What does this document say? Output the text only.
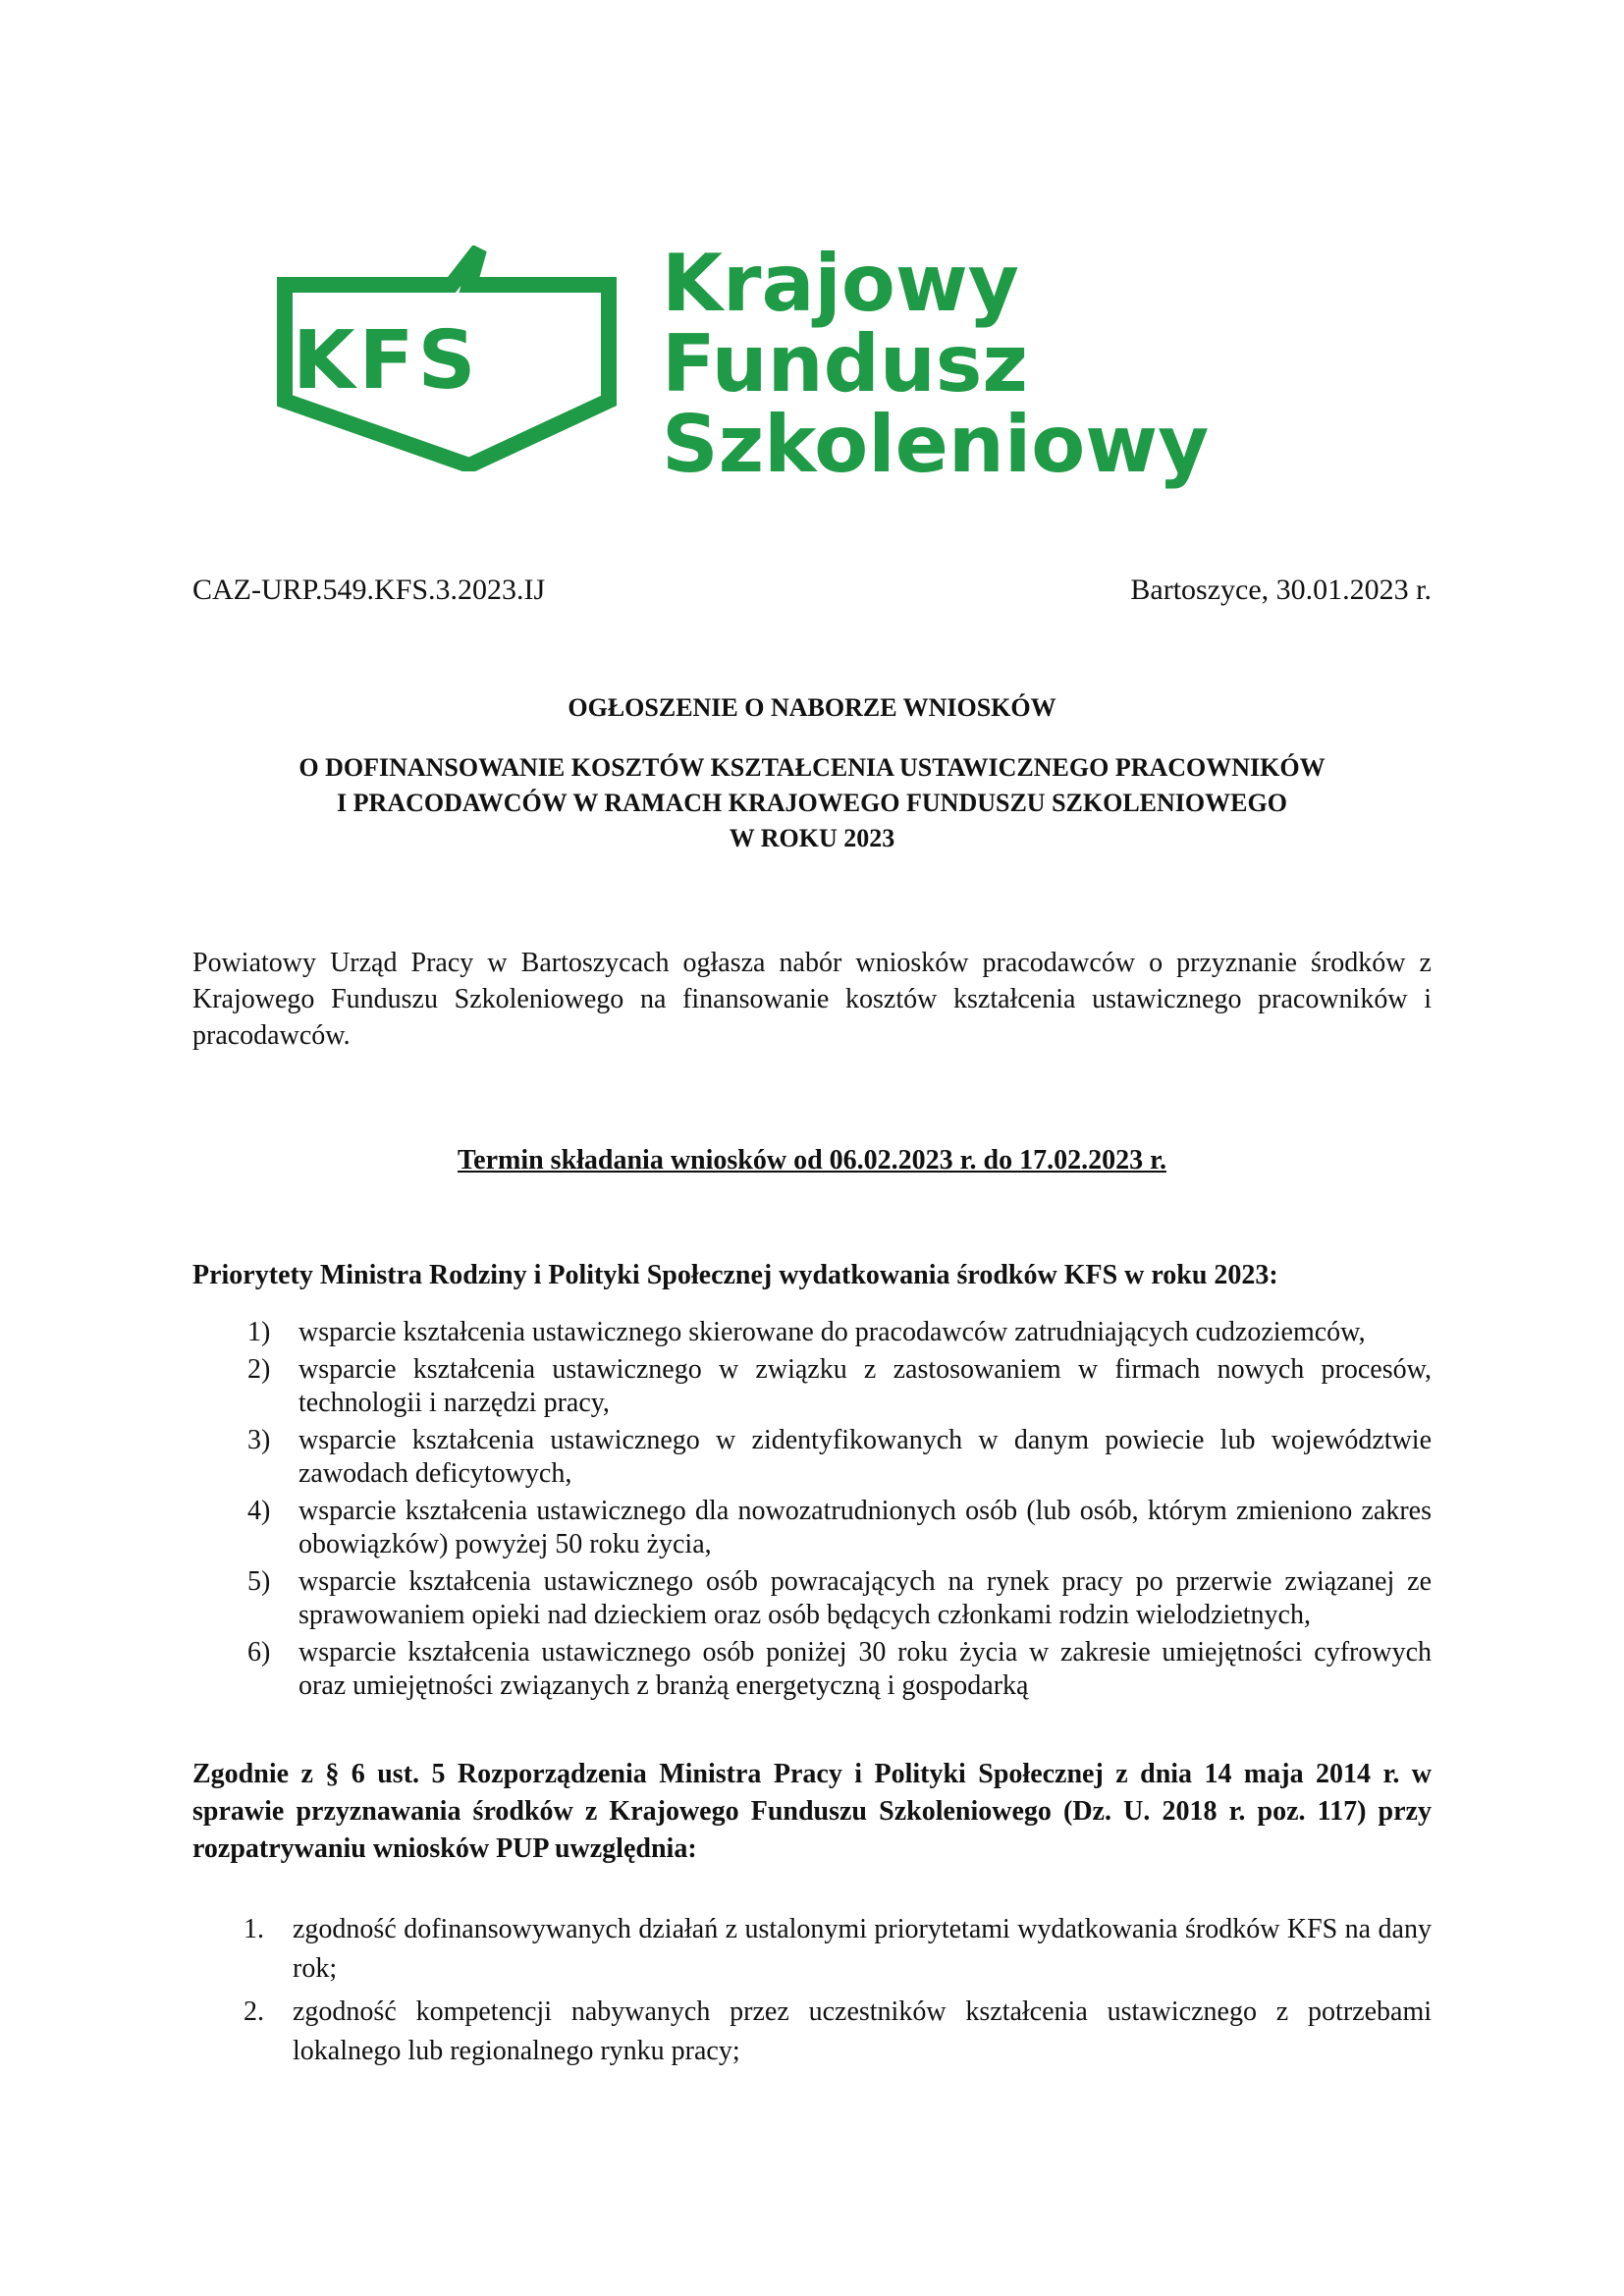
KFS
Krajowy
Fundusz
Szkoleniowy
CAZ-URP.549.KFS.3.2023.IJ	Bartoszyce, 30.01.2023 r.
OGŁOSZENIE O NABORZE WNIOSKÓW
O DOFINANSOWANIE KOSZTÓW KSZTAŁCENIA USTAWICZNEGO PRACOWNIKÓW
I PRACODAWCÓW W RAMACH KRAJOWEGO FUNDUSZU SZKOLENIOWEGO
W ROKU 2023
Powiatowy Urząd Pracy w Bartoszycach ogłasza nabór wniosków pracodawców o przyznanie środków z Krajowego Funduszu Szkoleniowego na finansowanie kosztów kształcenia ustawicznego pracowników i pracodawców.
Termin składania wniosków od 06.02.2023 r. do 17.02.2023 r.
Priorytety Ministra Rodziny i Polityki Społecznej wydatkowania środków KFS w roku 2023:
1) wsparcie kształcenia ustawicznego skierowane do pracodawców zatrudniających cudzoziemców,
2) wsparcie kształcenia ustawicznego w związku z zastosowaniem w firmach nowych procesów, technologii i narzędzi pracy,
3) wsparcie kształcenia ustawicznego w zidentyfikowanych w danym powiecie lub województwie zawodach deficytowych,
4) wsparcie kształcenia ustawicznego dla nowozatrudnionych osób (lub osób, którym zmieniono zakres obowiązków) powyżej 50 roku życia,
5) wsparcie kształcenia ustawicznego osób powracających na rynek pracy po przerwie związanej ze sprawowaniem opieki nad dzieckiem oraz osób będących członkami rodzin wielodzietnych,
6) wsparcie kształcenia ustawicznego osób poniżej 30 roku życia w zakresie umiejętności cyfrowych oraz umiejętności związanych z branżą energetyczną i gospodarką
Zgodnie z § 6 ust. 5 Rozporządzenia Ministra Pracy i Polityki Społecznej z dnia 14 maja 2014 r. w sprawie przyznawania środków z Krajowego Funduszu Szkoleniowego (Dz. U. 2018 r. poz. 117) przy rozpatrywaniu wniosków PUP uwzględnia:
1. zgodność dofinansowywanych działań z ustalonymi priorytetami wydatkowania środków KFS na dany rok;
2. zgodność kompetencji nabywanych przez uczestników kształcenia ustawicznego z potrzebami lokalnego lub regionalnego rynku pracy;
